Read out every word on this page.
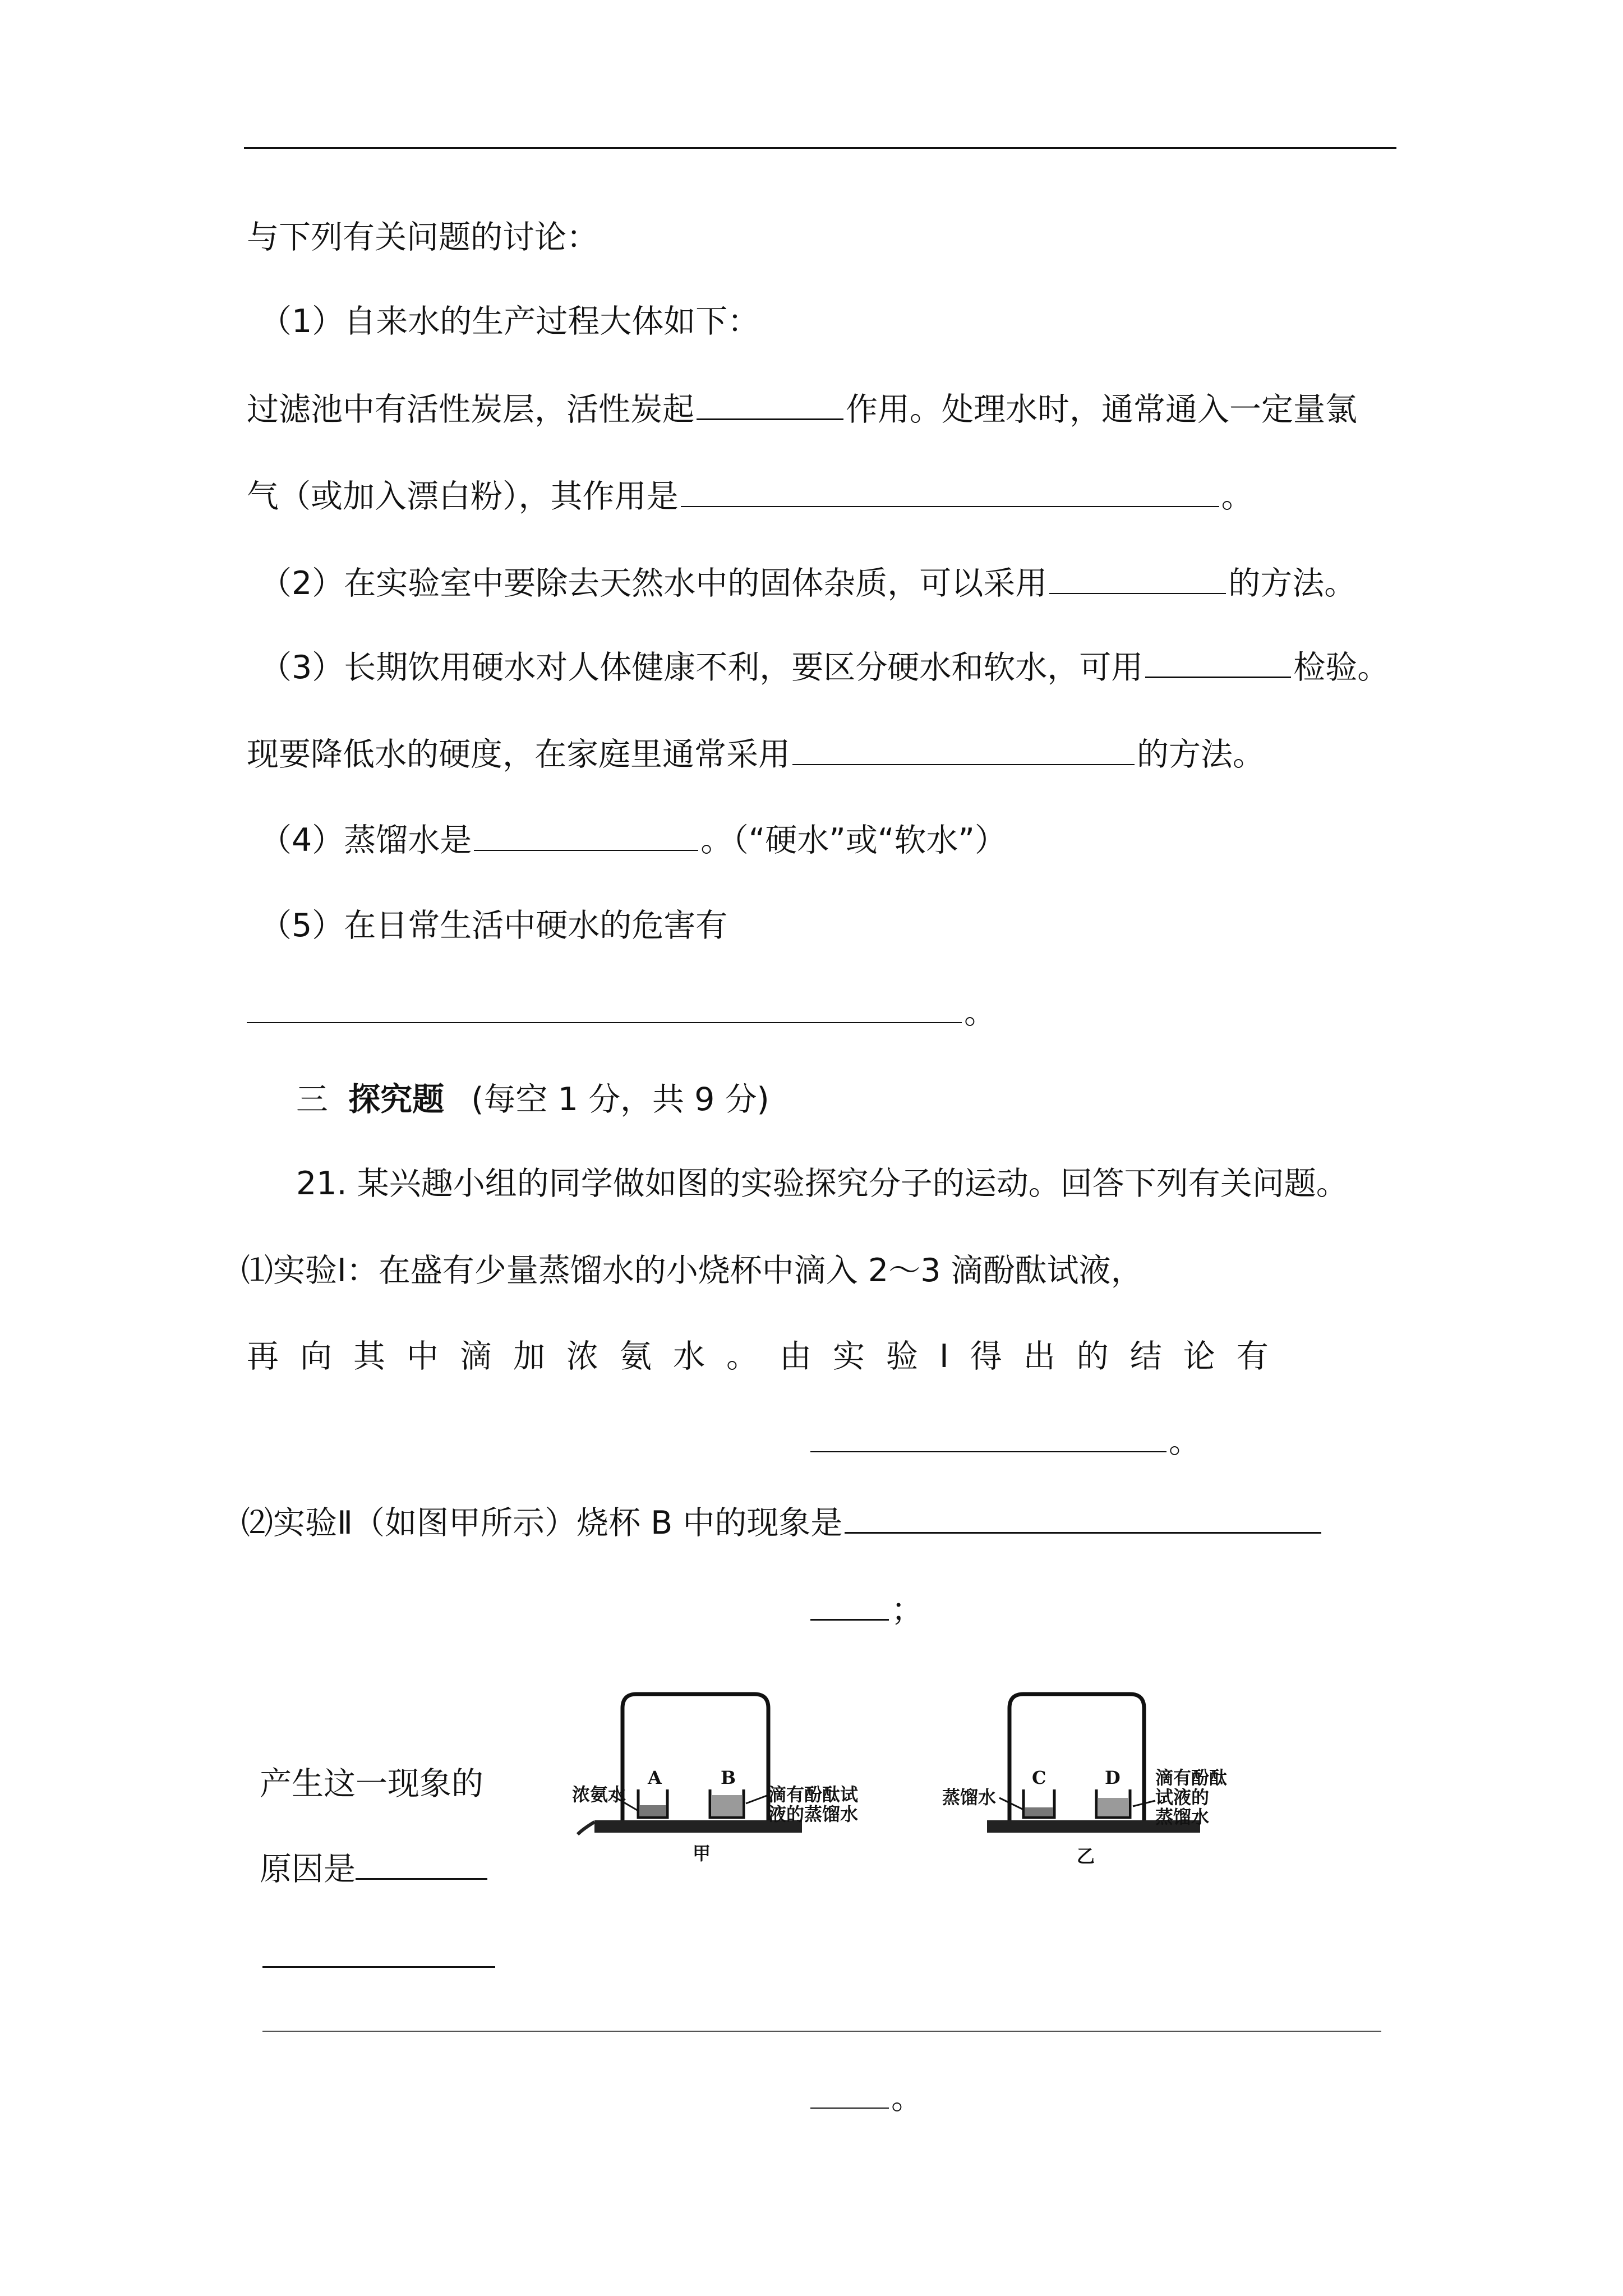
与下列有关问题的讨论：
（1）自来水的生产过程大体如下：
过滤池中有活性炭层，活性炭起	作用。处理水时，通常通入一定量氯
气（或加入漂白粉），其作用是	。
（2）在实验室中要除去天然水中的固体杂质，可以采用	的方法。
（3）长期饮用硬水对人体健康不利，要区分硬水和软水，可用	检验。
现要降低水的硬度，在家庭里通常采用	的方法。
（4）蒸馏水是	。（“硬水”或“软水”）
（5）在日常生活中硬水的危害有
。
三 探究题 (每空 1 分，共 9 分)
21. 某兴趣小组的同学做如图的实验探究分子的运动。回答下列有关问题。
⑴实验Ⅰ：在盛有少量蒸馏水的小烧杯中滴入 2～3 滴酚酞试液，
再向其中滴加浓氨水。由实验Ⅰ得出的结论有
。
⑵实验Ⅱ（如图甲所示）烧杯 B 中的现象是
；
产生这一现象的
原因是
。
A	B
浓氨水	滴有酚酞试
液的蒸馏水
甲
C	D
蒸馏水
滴有酚酞
试液的
蒸馏水
乙
